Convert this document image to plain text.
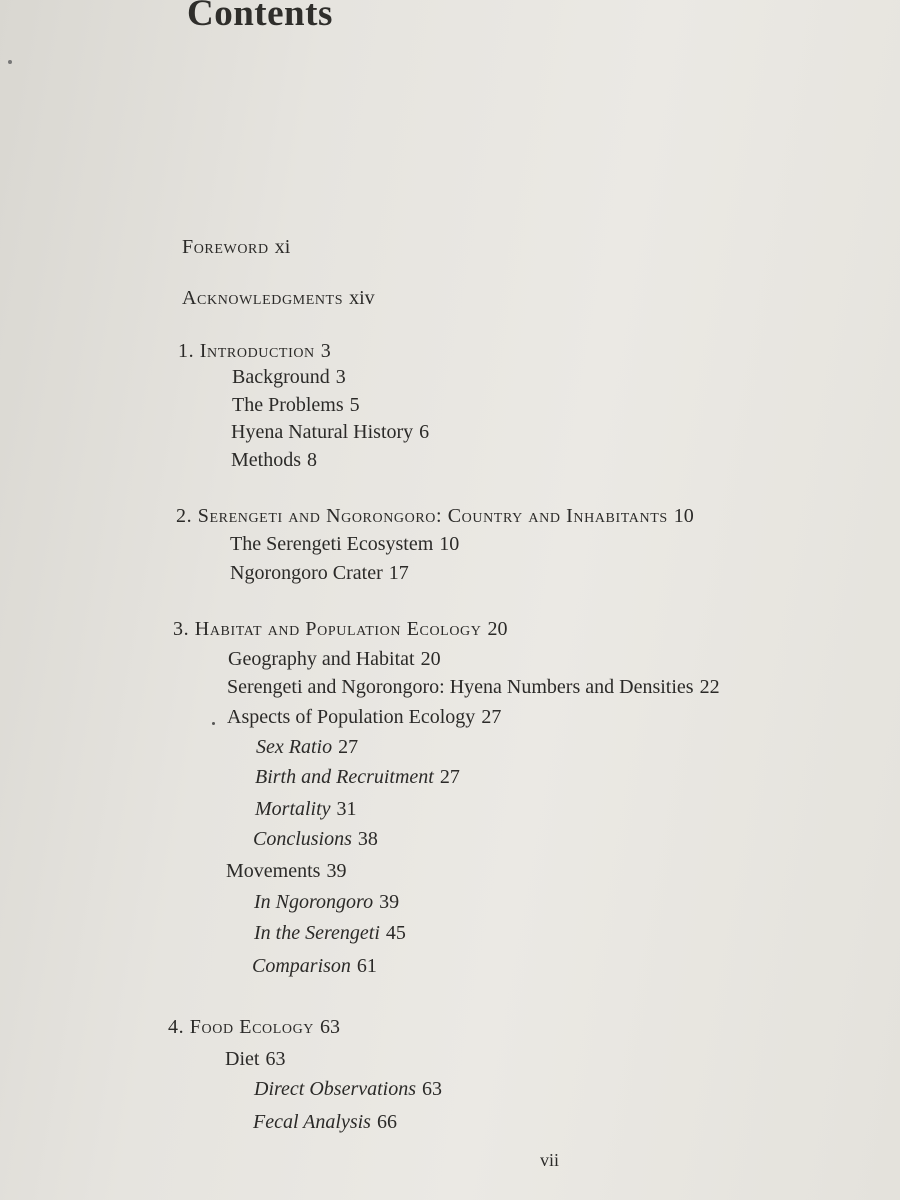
Contents
Foreword xi
Acknowledgments xiv
1. Introduction 3
Background 3
The Problems 5
Hyena Natural History 6
Methods 8
2. Serengeti and Ngorongoro: Country and Inhabitants 10
The Serengeti Ecosystem 10
Ngorongoro Crater 17
3. Habitat and Population Ecology 20
Geography and Habitat 20
Serengeti and Ngorongoro: Hyena Numbers and Densities 22
Aspects of Population Ecology 27
Sex Ratio 27
Birth and Recruitment 27
Mortality 31
Conclusions 38
Movements 39
In Ngorongoro 39
In the Serengeti 45
Comparison 61
4. Food Ecology 63
Diet 63
Direct Observations 63
Fecal Analysis 66
vii
